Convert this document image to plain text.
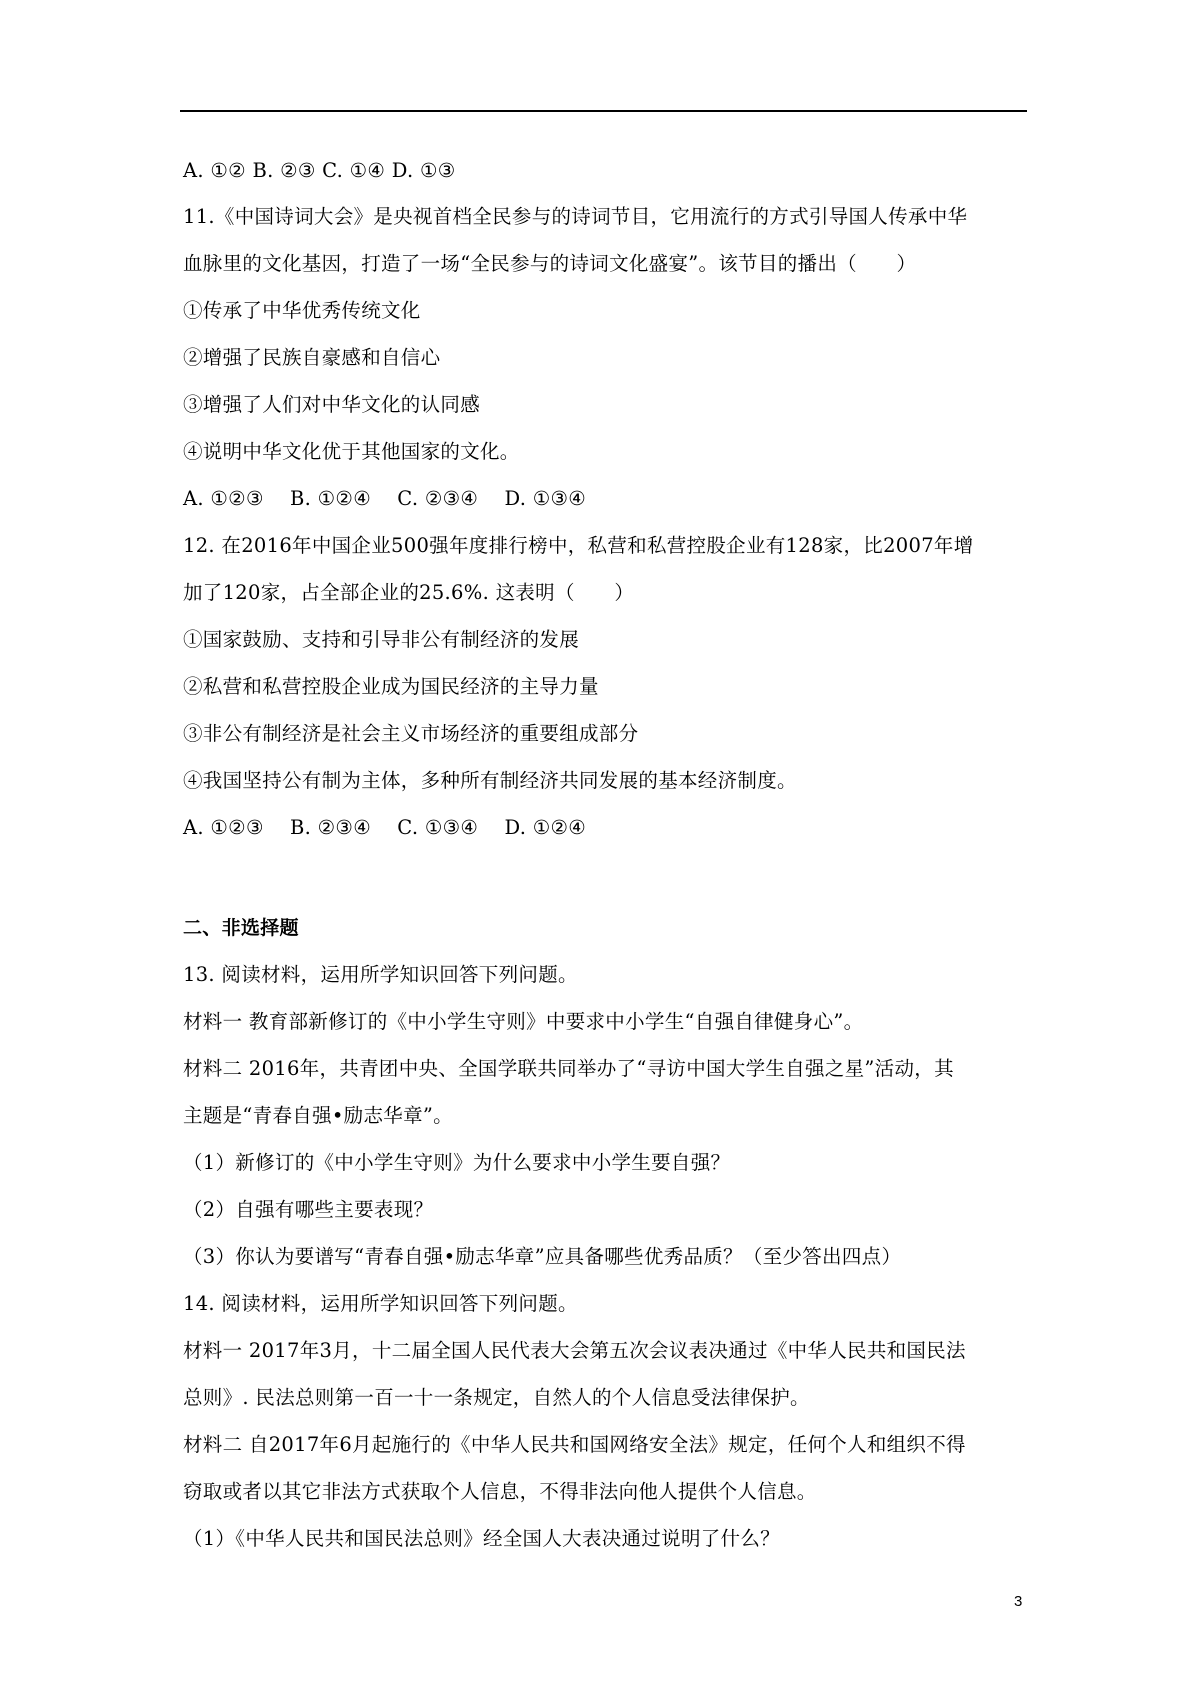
A. ①② B. ②③ C. ①④ D. ①③
11.《中国诗词大会》是央视首档全民参与的诗词节目，它用流行的方式引导国人传承中华
血脉里的文化基因，打造了一场“全民参与的诗词文化盛宴”。该节目的播出（　　）
①传承了中华优秀传统文化
②增强了民族自豪感和自信心
③增强了人们对中华文化的认同感
④说明中华文化优于其他国家的文化。
A. ①②③　 B. ①②④　 C. ②③④　 D. ①③④
12. 在2016年中国企业500强年度排行榜中，私营和私营控股企业有128家，比2007年增
加了120家，占全部企业的25.6%. 这表明（　　）
①国家鼓励、支持和引导非公有制经济的发展
②私营和私营控股企业成为国民经济的主导力量
③非公有制经济是社会主义市场经济的重要组成部分
④我国坚持公有制为主体，多种所有制经济共同发展的基本经济制度。
A. ①②③　 B. ②③④　 C. ①③④　 D. ①②④
二、非选择题
13. 阅读材料，运用所学知识回答下列问题。
材料一 教育部新修订的《中小学生守则》中要求中小学生“自强自律健身心”。
材料二 2016年，共青团中央、全国学联共同举办了“寻访中国大学生自强之星”活动，其
主题是“青春自强•励志华章”。
（1）新修订的《中小学生守则》为什么要求中小学生要自强？
（2）自强有哪些主要表现？
（3）你认为要谱写“青春自强•励志华章”应具备哪些优秀品质？（至少答出四点）
14. 阅读材料，运用所学知识回答下列问题。
材料一 2017年3月，十二届全国人民代表大会第五次会议表决通过《中华人民共和国民法
总则》. 民法总则第一百一十一条规定，自然人的个人信息受法律保护。
材料二 自2017年6月起施行的《中华人民共和国网络安全法》规定，任何个人和组织不得
窃取或者以其它非法方式获取个人信息，不得非法向他人提供个人信息。
（1）《中华人民共和国民法总则》经全国人大表决通过说明了什么？
3
